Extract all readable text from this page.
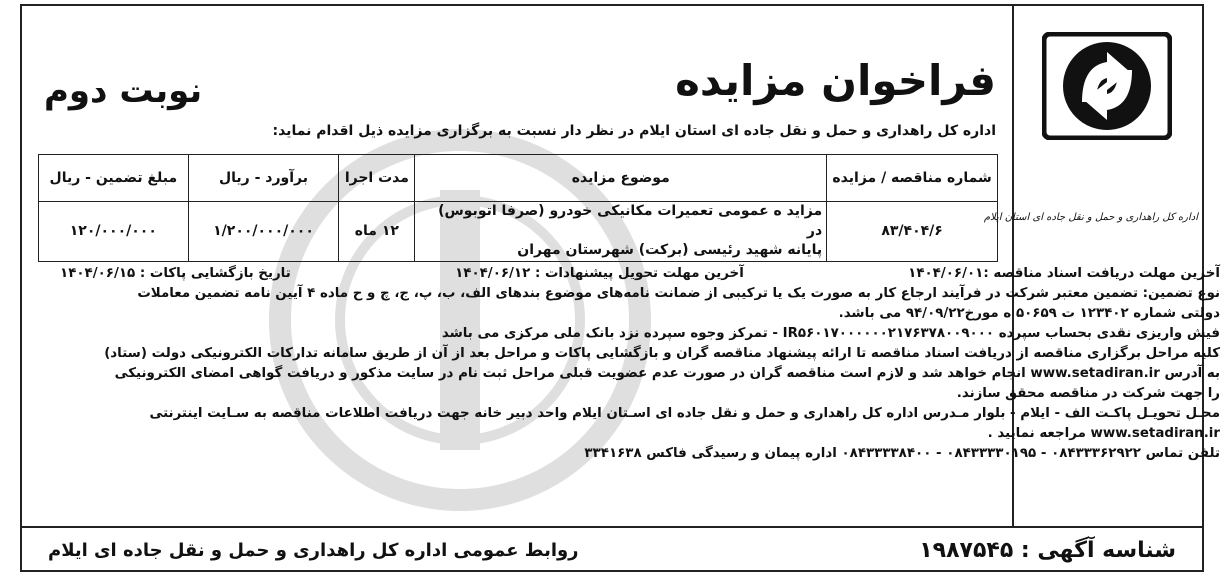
اداره کل راهداری و حمل و نقل جاده ای استان ایلام
فراخوان مزایده
نوبت دوم
اداره کل راهداری و حمل و نقل جاده ای استان ایلام در نظر دار نسبت به برگزاری مزایده ذیل اقدام نماید:
شماره مناقصه / مزایده	موضوع مزایده	مدت اجرا	برآورد - ریال	مبلغ تضمین - ریال
۸۳/۴۰۴/۶	مزاید ه عمومی تعمیرات مکانیکی خودرو (صرفا اتوبوس) در
پایانه شهید رئیسی (برکت) شهرستان مهران	۱۲ ماه	۱/۲۰۰/۰۰۰/۰۰۰	۱۲۰/۰۰۰/۰۰۰
آخرین مهلت دریافت اسناد مناقصه :۱۴۰۴/۰۶/۰۱
آخرین مهلت تحویل پیشنهادات : ۱۴۰۴/۰۶/۱۲
تاریخ بازگشایی پاکات : ۱۴۰۴/۰۶/۱۵

نوع تضمین: تضمین معتبر شرکت در فرآیند ارجاع کار به صورت یک یا ترکیبی از ضمانت نامه‌های موضوع بندهای الف، ب، پ، ج، چ و ح ماده ۴ آیین نامه تضمین معاملات

دولتی شماره ۱۲۳۴۰۲ ت ۵۰۶۵۹ ه مورخ۹۴/۰۹/۲۲ می باشد.

فیش واریزی نقدی بحساب سپرده IR۵۶۰۱۷۰۰۰۰۰۰۲۱۷۶۳۷۸۰۰۹۰۰۰ - تمرکز وجوه سپرده نزد بانک ملی مرکزی می باشد

کلیه مراحل برگزاری مناقصه از دریافت اسناد مناقصه تا ارائه پیشنهاد مناقصه گران و بازگشایی پاکات و مراحل بعد از آن از طریق سامانه تدارکات الکترونیکی دولت (ستاد)

به آدرس www.setadiran.ir انجام خواهد شد و لازم است مناقصه گران در صورت عدم عضویت قبلی مراحل ثبت نام در سایت مذکور و دریافت گواهی امضای الکترونیکی

را جهت شرکت در مناقصه محقق سازند.

محـل تحویـل پاکـت الف - ایلام - بلوار مـدرس اداره کل راهداری و حمل و نقل جاده ای اسـتان ایلام واحد دبیر خانه جهت دریافت اطلاعات مناقصه به سـایت اینترنتی

www.setadiran.ir مراجعه نمایید .

تلفن تماس ۰۸۴۳۳۳۶۲۹۲۲ - ۰۸۴۳۳۳۳۰۱۹۵ - ۰۸۴۳۳۳۳۸۴۰۰ اداره پیمان و رسیدگی فاکس ۳۳۴۱۶۳۸

شناسه آگهی : ۱۹۸۷۵۴۵
روابط عمومی اداره کل راهداری و حمل و نقل جاده ای ایلام
